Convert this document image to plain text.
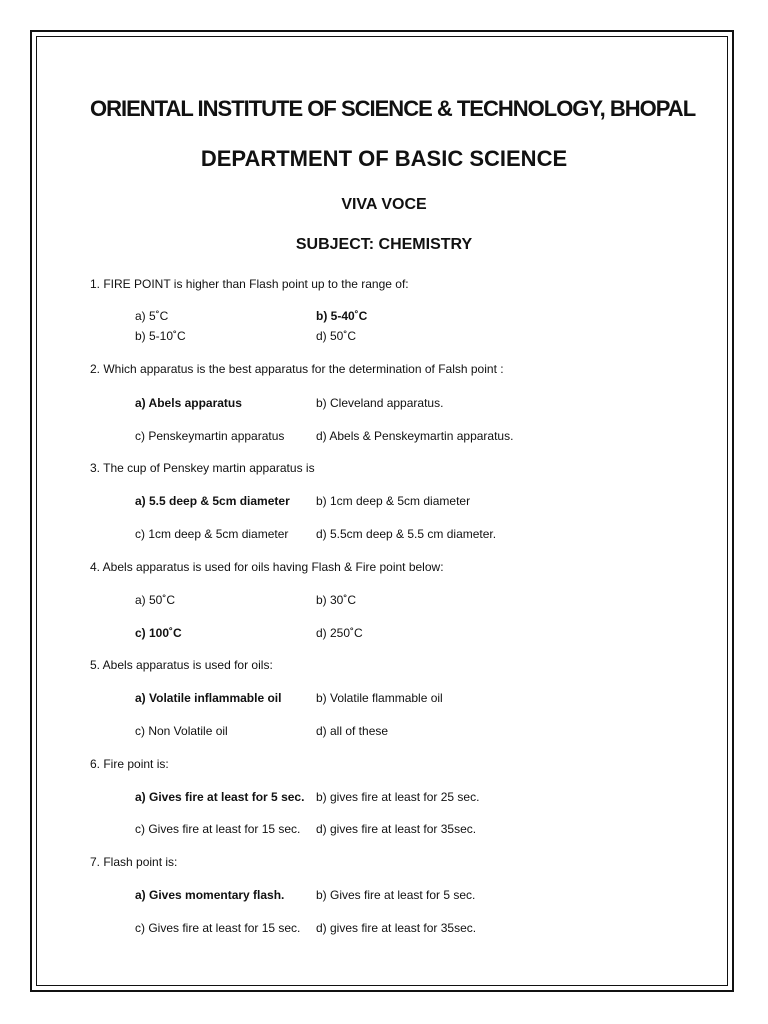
ORIENTAL INSTITUTE OF SCIENCE & TECHNOLOGY, BHOPAL
DEPARTMENT OF BASIC SCIENCE
VIVA VOCE
SUBJECT: CHEMISTRY
1. FIRE POINT is higher than Flash point up to the range of:
a) 5˚C	b) 5-40˚C
b) 5-10˚C	d) 50˚C
2. Which apparatus is the best apparatus for the determination of Falsh point :
a) Abels apparatus	b) Cleveland apparatus.
c) Penskeymartin apparatus	d) Abels & Penskeymartin apparatus.
3. The cup of Penskey martin apparatus is
a) 5.5 deep & 5cm diameter b) 1cm deep & 5cm diameter
c) 1cm deep & 5cm diameter d) 5.5cm deep & 5.5 cm diameter.
4. Abels apparatus is used for oils having Flash & Fire point below:
a) 50˚C	b) 30˚C
c) 100˚C	d) 250˚C
5. Abels apparatus is used for oils:
a) Volatile inflammable oil	b) Volatile flammable oil
c) Non Volatile oil	d) all of these
6. Fire point is:
a) Gives fire at least for 5 sec. b) gives fire at least for 25 sec.
c) Gives fire at least for 15 sec. d) gives fire at least for 35sec.
7. Flash point is:
a) Gives momentary flash.	b) Gives fire at least for 5 sec.
c) Gives fire at least for 15 sec. d) gives fire at least for 35sec.
